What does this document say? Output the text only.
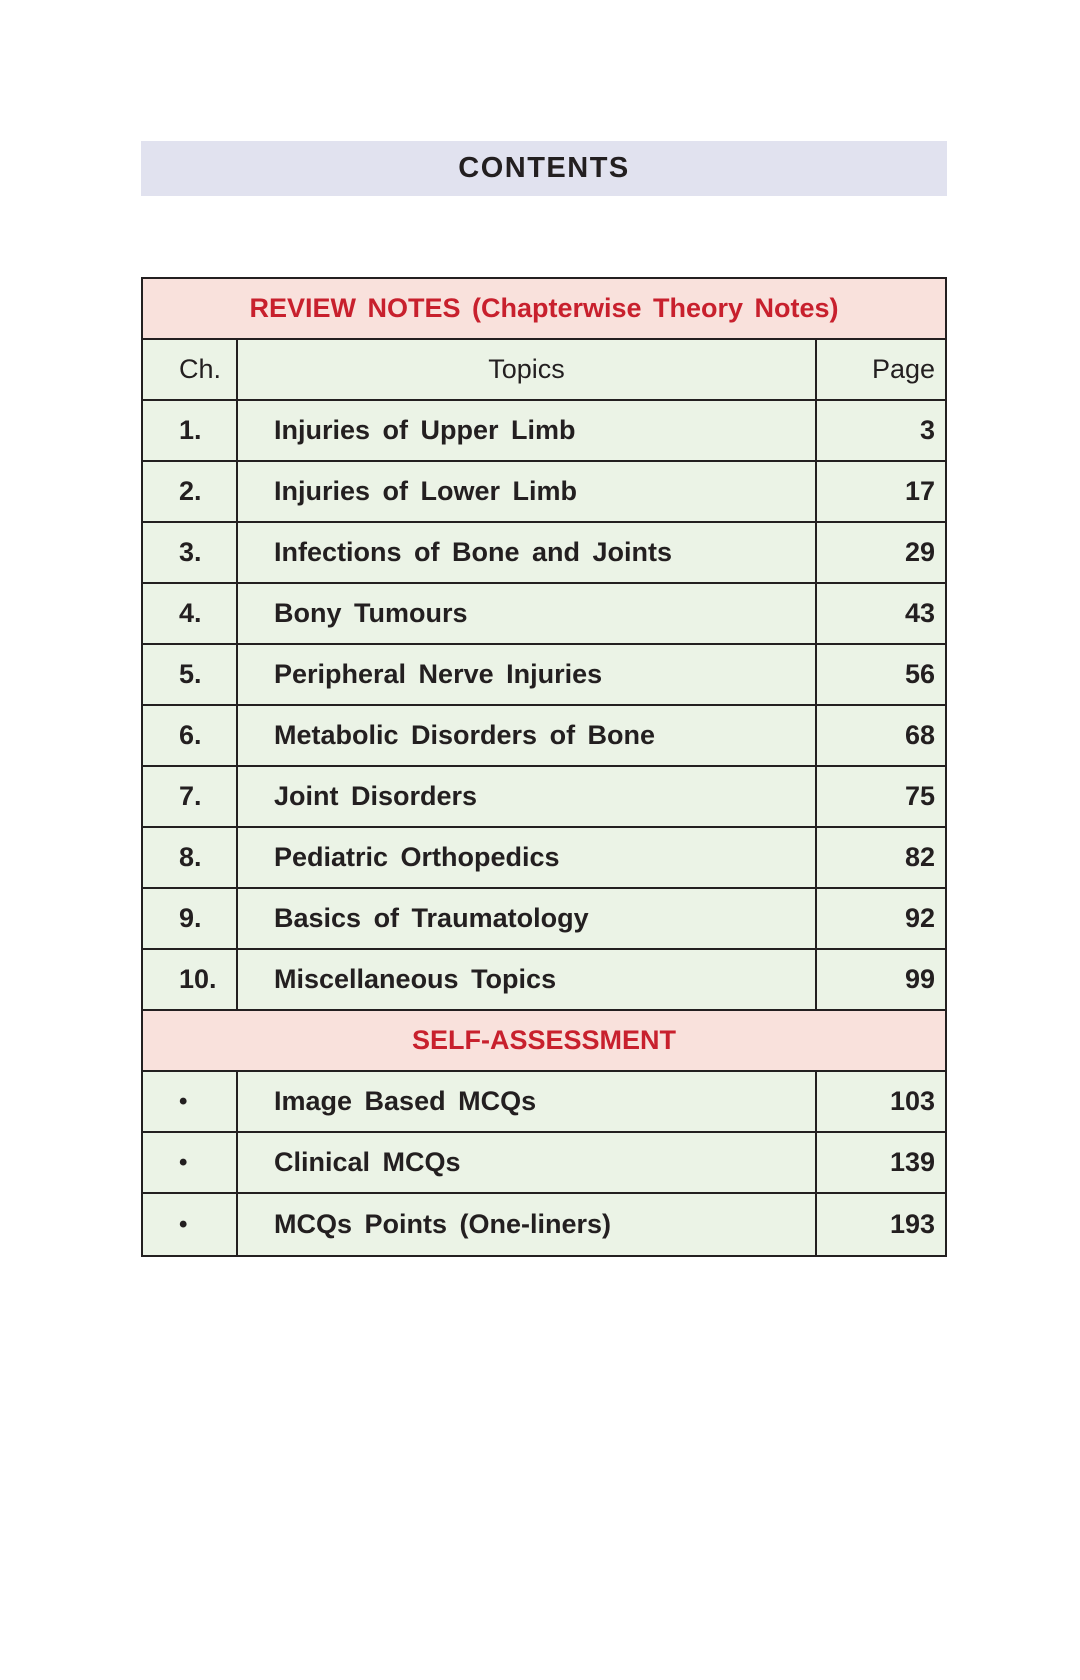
CONTENTS
REVIEW NOTES (Chapterwise Theory Notes)
Ch.	Topics	Page
1.	Injuries of Upper Limb	3
2.	Injuries of Lower Limb	17
3.	Infections of Bone and Joints	29
4.	Bony Tumours	43
5.	Peripheral Nerve Injuries	56
6.	Metabolic Disorders of Bone	68
7.	Joint Disorders	75
8.	Pediatric Orthopedics	82
9.	Basics of Traumatology	92
10.	Miscellaneous Topics	99
SELF-ASSESSMENT
•	Image Based MCQs	103
•	Clinical MCQs	139
•	MCQs Points (One-liners)	193
